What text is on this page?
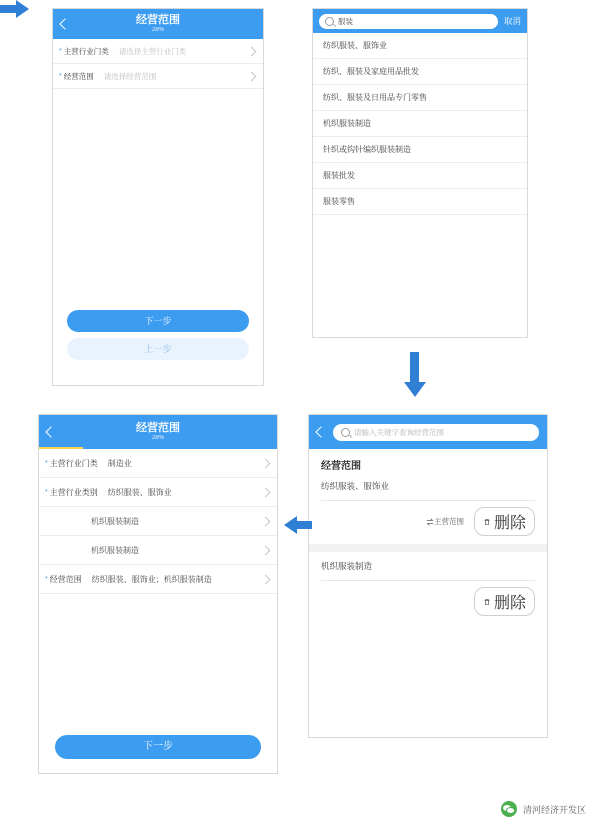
经营范围
28%
* 主营行业门类 请选择主营行业门类
* 经营范围 请选择经营范围
下一步
上一步
服装	取消
纺织服装、服饰业
纺织、服装及家庭用品批发
纺织、服装及日用品专门零售
机织服装制造
针织或钩针编织服装制造
服装批发
服装零售
经营范围
28%
* 主营行业门类 制造业
* 主营行业类别 纺织服装、服饰业
机织服装制造
机织服装制造
* 经营范围 纺织服装、服饰业；机织服装制造
下一步
请输入关键字查询经营范围
经营范围
纺织服装、服饰业
主营范围 删除
机织服装制造
删除
清河经济开发区
